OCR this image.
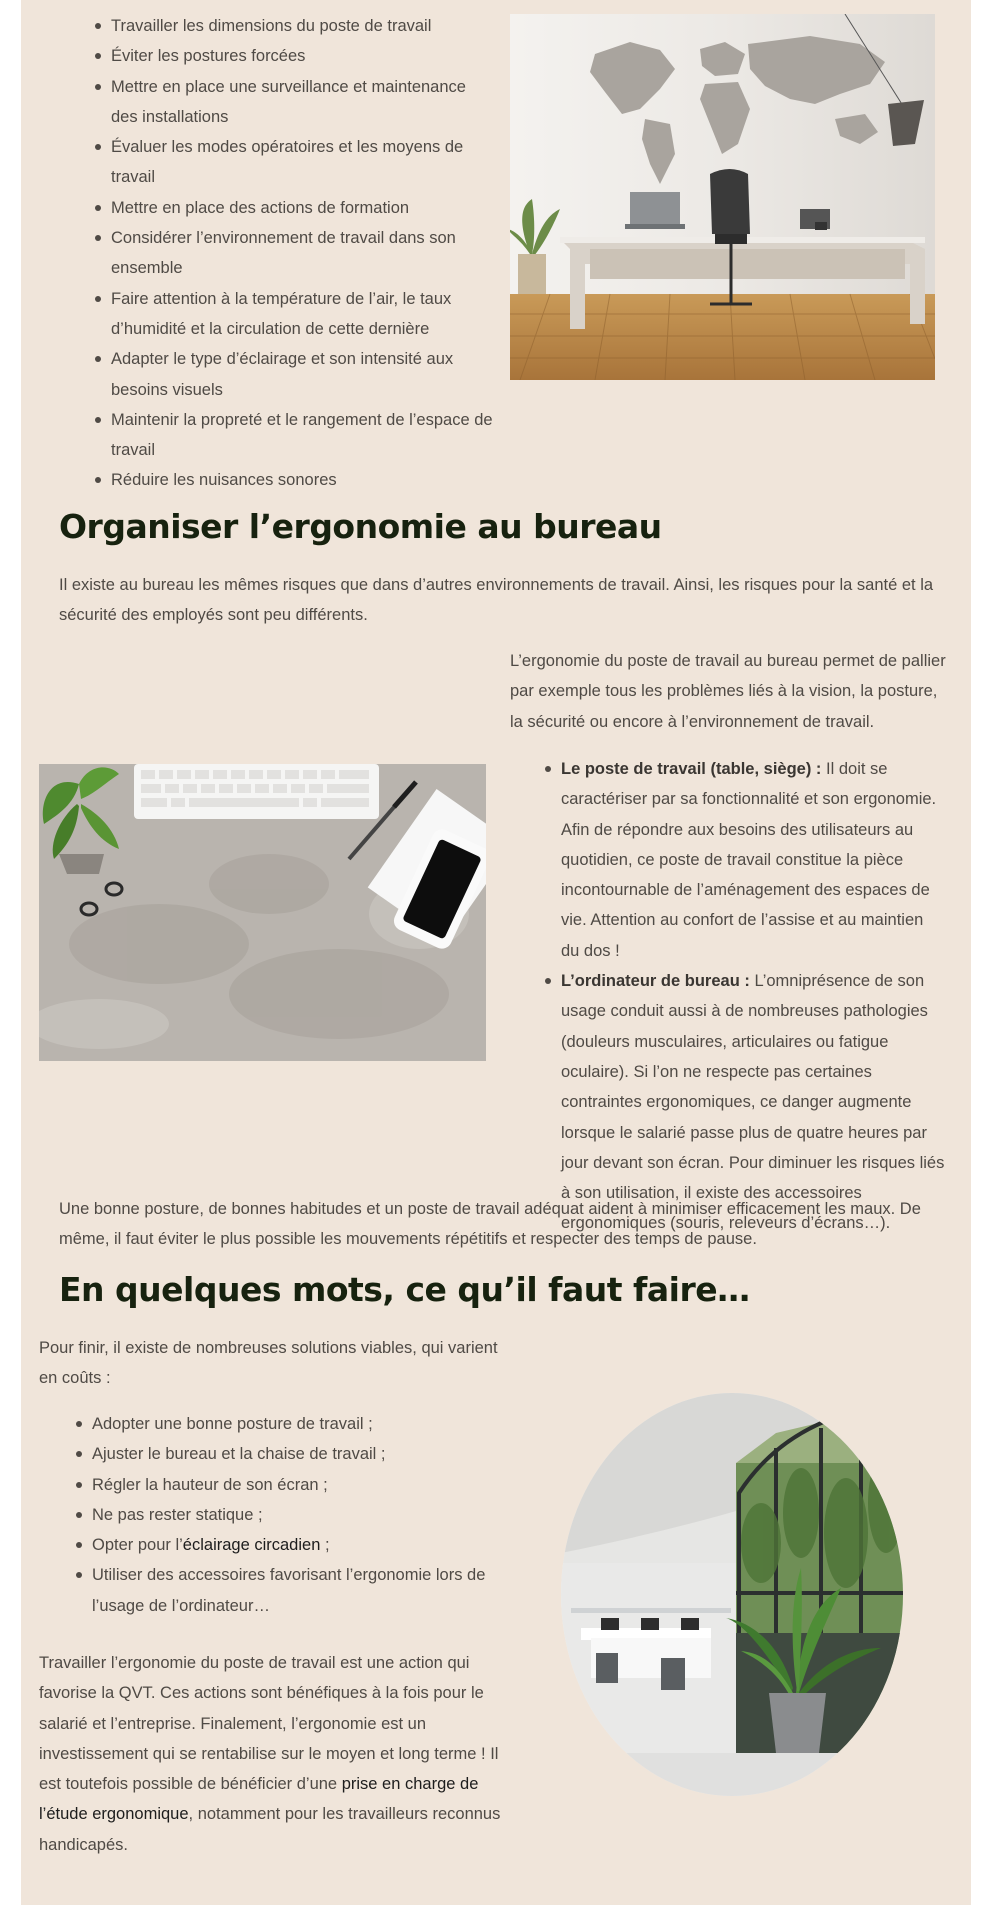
Travailler les dimensions du poste de travail
Éviter les postures forcées
Mettre en place une surveillance et maintenance des installations
Évaluer les modes opératoires et les moyens de travail
Mettre en place des actions de formation
Considérer l’environnement de travail dans son ensemble
Faire attention à la température de l’air, le taux d’humidité et la circulation de cette dernière
Adapter le type d’éclairage et son intensité aux besoins visuels
Maintenir la propreté et le rangement de l’espace de travail
Réduire les nuisances sonores
Organiser l’ergonomie au bureau

Il existe au bureau les mêmes risques que dans d’autres environnements de travail. Ainsi, les risques pour la santé et la sécurité des employés sont peu différents.

L’ergonomie du poste de travail au bureau permet de pallier par exemple tous les problèmes liés à la vision, la posture, la sécurité ou encore à l’environnement de travail.

Le poste de travail (table, siège) : Il doit se caractériser par sa fonctionnalité et son ergonomie. Afin de répondre aux besoins des utilisateurs au quotidien, ce poste de travail constitue la pièce incontournable de l’aménagement des espaces de vie. Attention au confort de l’assise et au maintien du dos !
L’ordinateur de bureau : L’omniprésence de son usage conduit aussi à de nombreuses pathologies (douleurs musculaires, articulaires ou fatigue oculaire). Si l’on ne respecte pas certaines contraintes ergonomiques, ce danger augmente lorsque le salarié passe plus de quatre heures par jour devant son écran. Pour diminuer les risques liés à son utilisation, il existe des accessoires ergonomiques (souris, releveurs d’écrans…).

Une bonne posture, de bonnes habitudes et un poste de travail adéquat aident à minimiser efficacement les maux. De même, il faut éviter le plus possible les mouvements répétitifs et respecter des temps de pause.

En quelques mots, ce qu’il faut faire…

Pour finir, il existe de nombreuses solutions viables, qui varient en coûts :

Adopter une bonne posture de travail ;
Ajuster le bureau et la chaise de travail ;
Régler la hauteur de son écran ;
Ne pas rester statique ;
Opter pour l’éclairage circadien ;
Utiliser des accessoires favorisant l’ergonomie lors de l’usage de l’ordinateur…

Travailler l’ergonomie du poste de travail est une action qui favorise la QVT. Ces actions sont bénéfiques à la fois pour le salarié et l’entreprise. Finalement, l’ergonomie est un investissement qui se rentabilise sur le moyen et long terme ! Il est toutefois possible de bénéficier d’une prise en charge de l’étude ergonomique, notamment pour les travailleurs reconnus handicapés.
